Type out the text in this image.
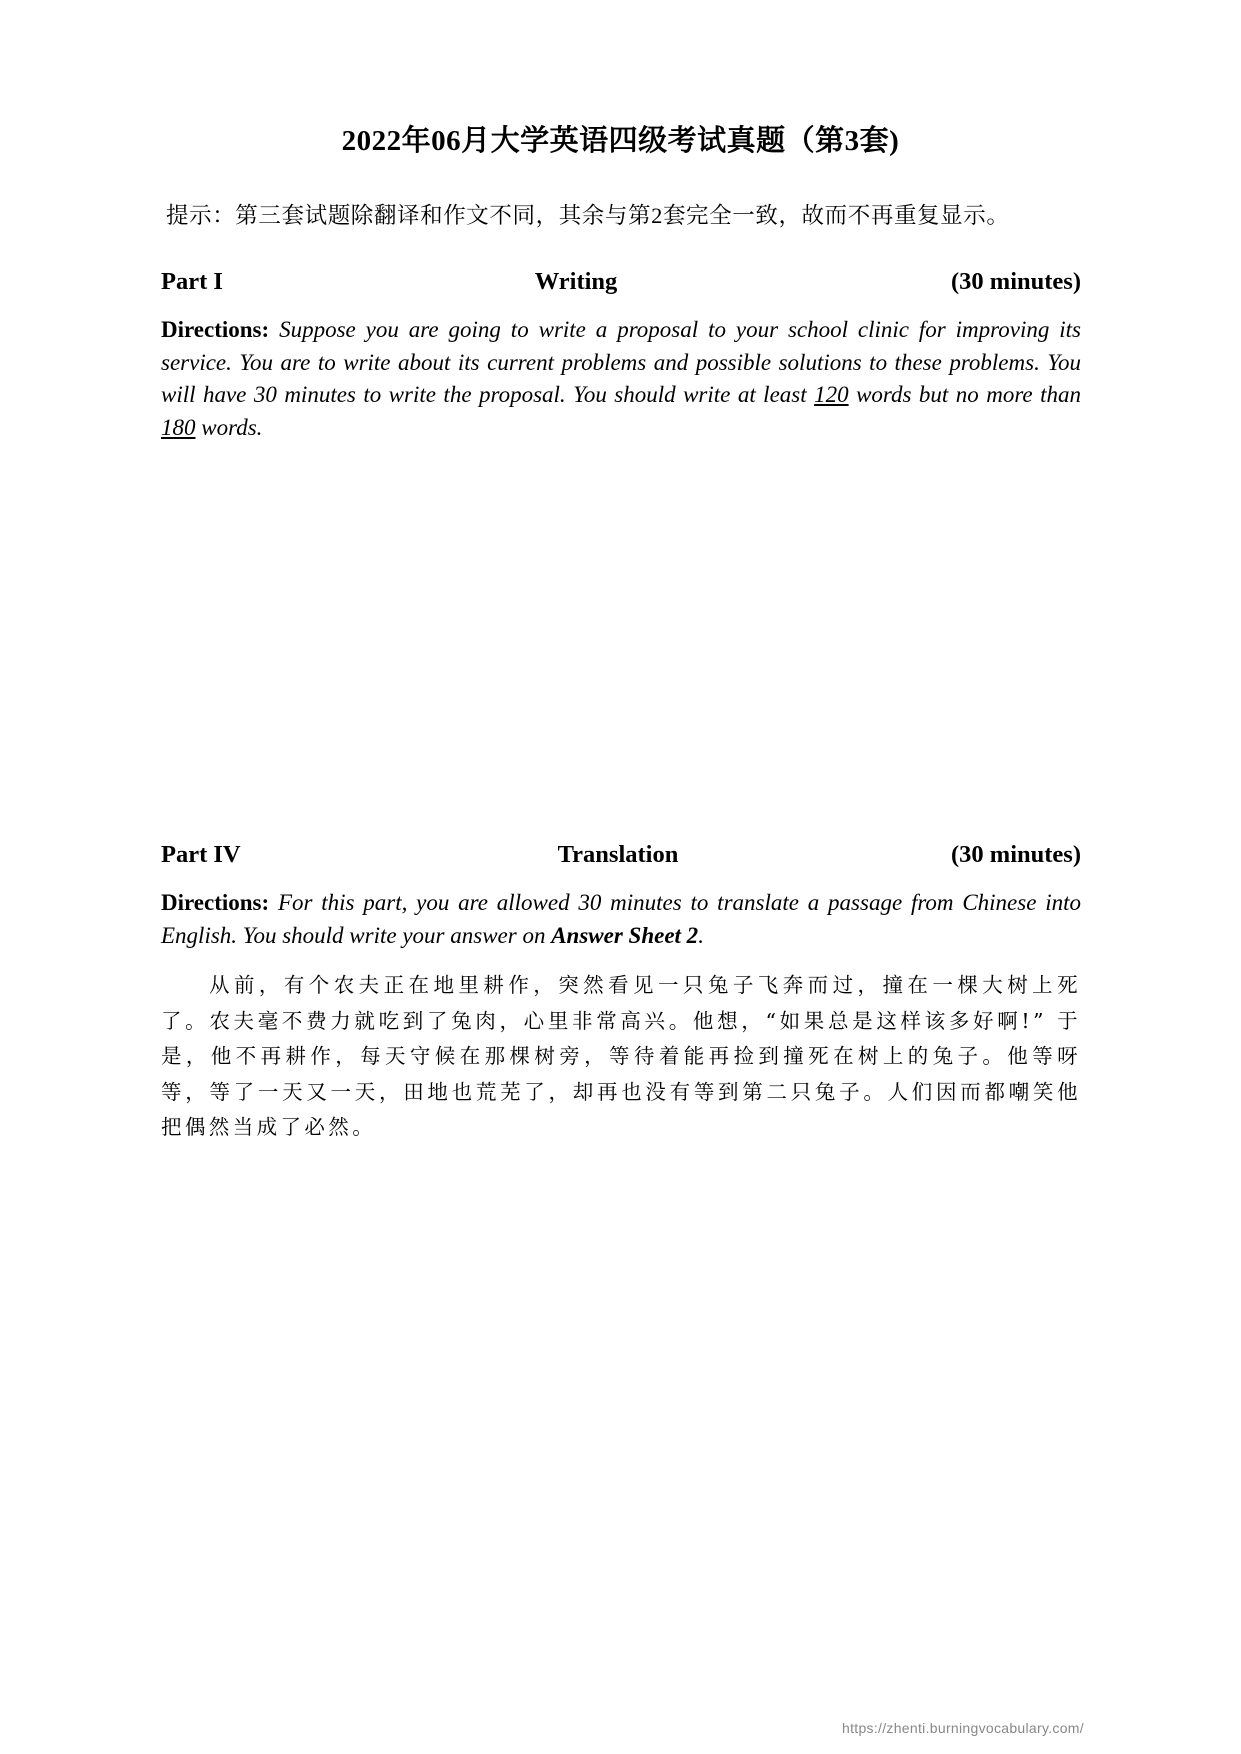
2022年06月大学英语四级考试真题（第3套)
提示：第三套试题除翻译和作文不同，其余与第2套完全一致，故而不再重复显示。
Part I	Writing	(30 minutes)
Directions: Suppose you are going to write a proposal to your school clinic for improving its service. You are to write about its current problems and possible solutions to these problems. You will have 30 minutes to write the proposal. You should write at least 120 words but no more than 180 words.
Part IV	Translation	(30 minutes)
Directions: For this part, you are allowed 30 minutes to translate a passage from Chinese into English. You should write your answer on Answer Sheet 2.
从前，有个农夫正在地里耕作，突然看见一只兔子飞奔而过，撞在一棵大树上死了。农夫毫不费力就吃到了兔肉，心里非常高兴。他想，“如果总是这样该多好啊!” 于是，他不再耕作，每天守候在那棵树旁，等待着能再捡到撞死在树上的兔子。他等呀等，等了一天又一天，田地也荒芜了，却再也没有等到第二只兔子。人们因而都嘲笑他把偶然当成了必然。
https://zhenti.burningvocabulary.com/
